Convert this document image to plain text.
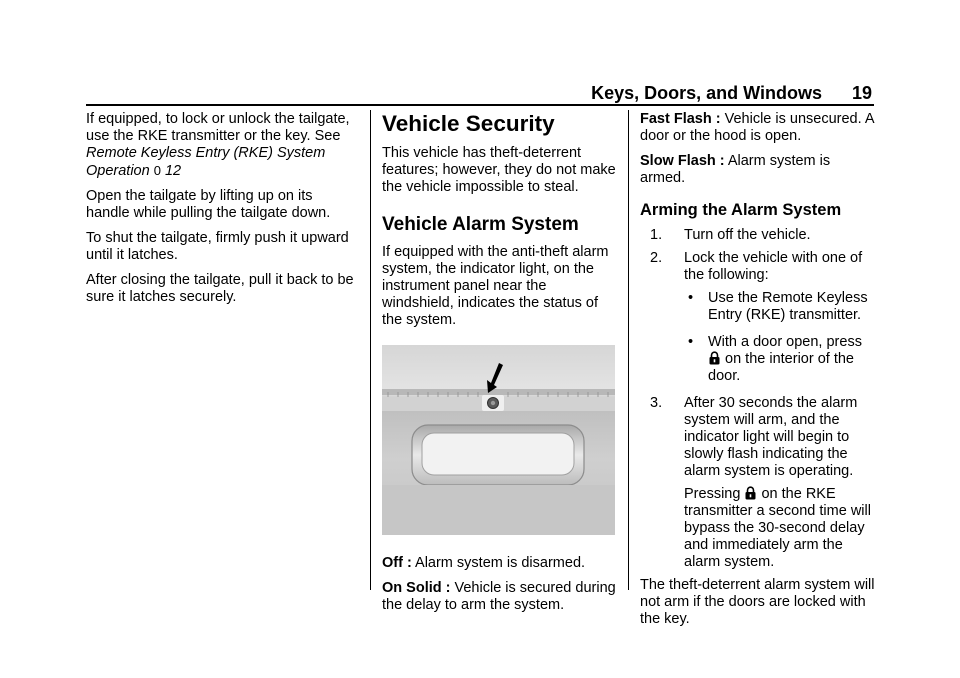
Keys, Doors, and Windows 19

If equipped, to lock or unlock the tailgate, use the RKE transmitter or the key. See Remote Keyless Entry (RKE) System Operation 0 12

Open the tailgate by lifting up on its handle while pulling the tailgate down.

To shut the tailgate, firmly push it upward until it latches.

After closing the tailgate, pull it back to be sure it latches securely.

Vehicle Security

This vehicle has theft-deterrent features; however, they do not make the vehicle impossible to steal.

Vehicle Alarm System

If equipped with the anti-theft alarm system, the indicator light, on the instrument panel near the windshield, indicates the status of the system.

Off : Alarm system is disarmed.

On Solid : Vehicle is secured during the delay to arm the system.

Fast Flash : Vehicle is unsecured. A door or the hood is open.

Slow Flash : Alarm system is armed.

Arming the Alarm System
1. Turn off the vehicle.
2. Lock the vehicle with one of the following:
• Use the Remote Keyless Entry (RKE) transmitter.
• With a door open, press  on the interior of the door.
3. After 30 seconds the alarm system will arm, and the indicator light will begin to slowly flash indicating the alarm system is operating.
Pressing  on the RKE transmitter a second time will bypass the 30-second delay and immediately arm the alarm system.

The theft-deterrent alarm system will not arm if the doors are locked with the key.
